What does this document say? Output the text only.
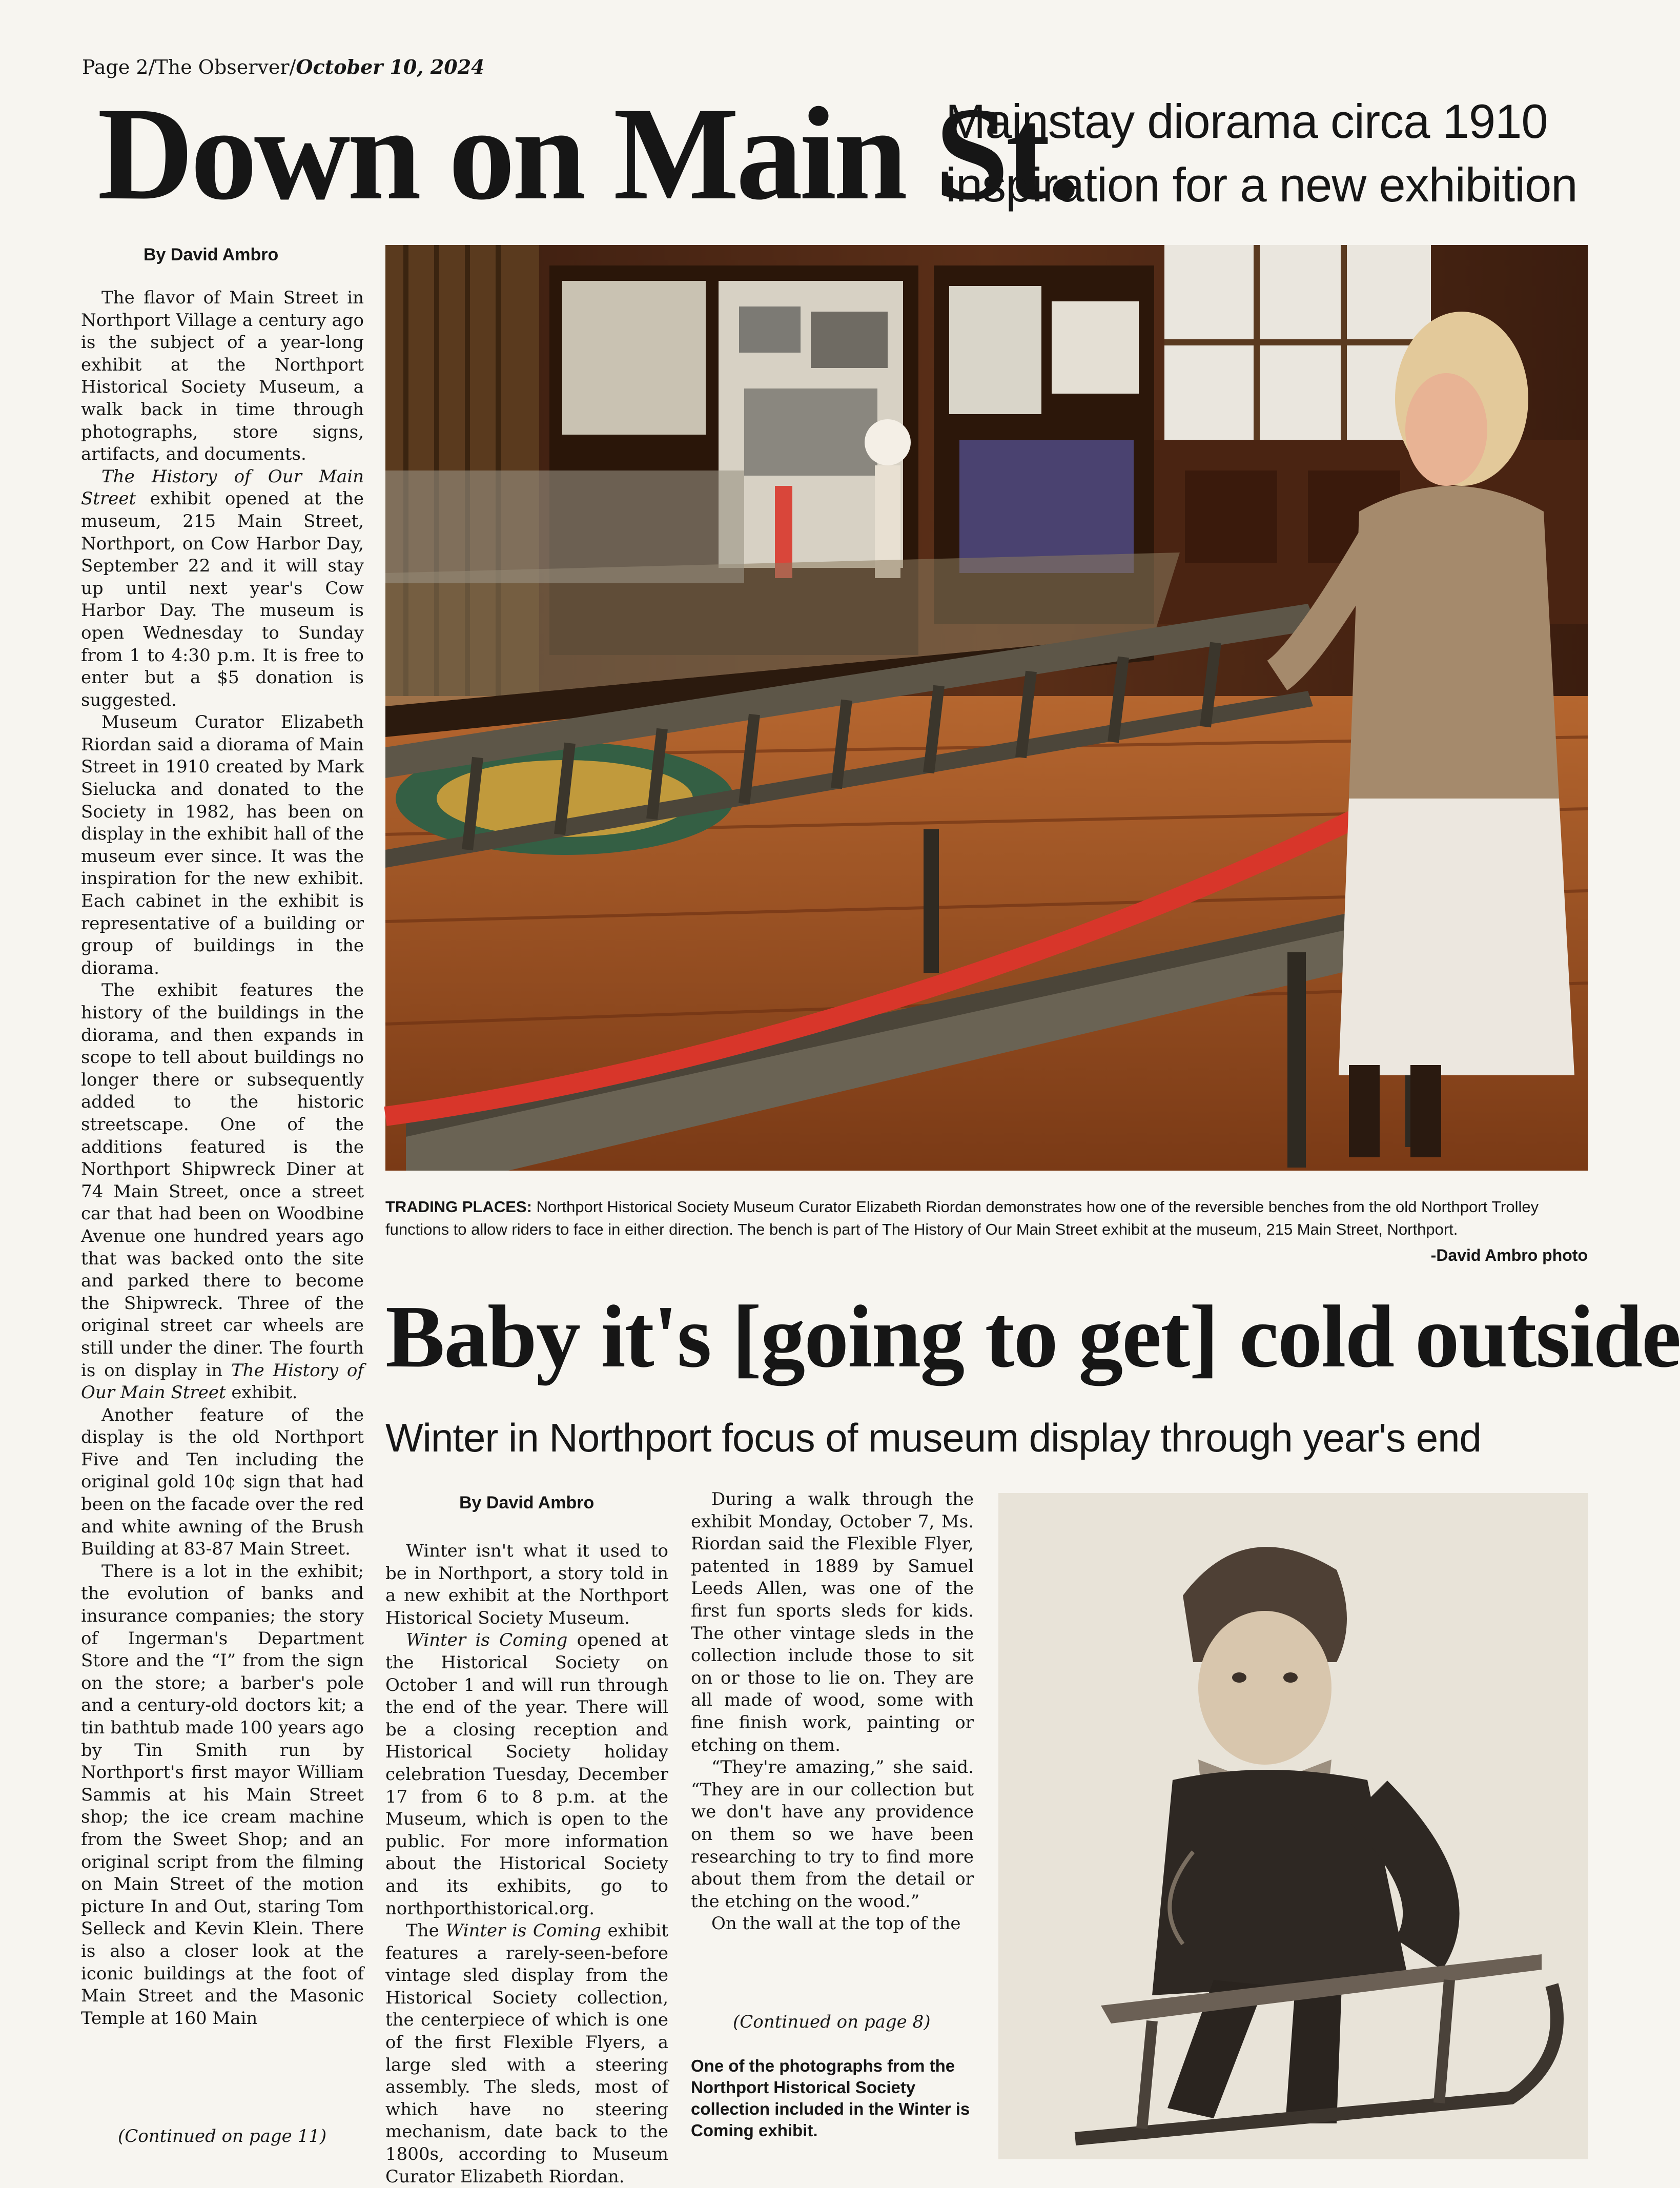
Page 2/The Observer/October 10, 2024
Down on Main St.
Mainstay diorama circa 1910
inspiration for a new exhibition
By David Ambro

The flavor of Main Street in Northport Village a century ago is the subject of a year-long exhibit at the Northport Historical Society Museum, a walk back in time through photographs, store signs, artifacts, and documents.

The History of Our Main Street exhibit opened at the museum, 215 Main Street, Northport, on Cow Harbor Day, September 22 and it will stay up until next year's Cow Harbor Day. The museum is open Wednesday to Sunday from 1 to 4:30 p.m. It is free to enter but a $5 donation is suggested.

Museum Curator Elizabeth Riordan said a diorama of Main Street in 1910 created by Mark Sielucka and donated to the Society in 1982, has been on display in the exhibit hall of the museum ever since. It was the inspiration for the new exhibit. Each cabinet in the exhibit is representative of a building or group of buildings in the diorama.

The exhibit features the history of the buildings in the diorama, and then expands in scope to tell about buildings no longer there or subsequently added to the historic streetscape. One of the additions featured is the Northport Shipwreck Diner at 74 Main Street, once a street car that had been on Woodbine Avenue one hundred years ago that was backed onto the site and parked there to become the Shipwreck. Three of the original street car wheels are still under the diner. The fourth is on display in The History of Our Main Street exhibit.

Another feature of the display is the old Northport Five and Ten including the original gold 10¢ sign that had been on the facade over the red and white awning of the Brush Building at 83-87 Main Street.

There is a lot in the exhibit; the evolution of banks and insurance companies; the story of Ingerman's Department Store and the “I” from the sign on the store; a barber's pole and a century-old doctors kit; a tin bathtub made 100 years ago by Tin Smith run by Northport's first mayor William Sammis at his Main Street shop; the ice cream machine from the Sweet Shop; and an original script from the filming on Main Street of the motion picture In and Out, staring Tom Selleck and Kevin Klein. There is also a closer look at the iconic buildings at the foot of Main Street and the Masonic Temple at 160 Main

(Continued on page 11)
TRADING PLACES: Northport Historical Society Museum Curator Elizabeth Riordan demonstrates how one of the reversible benches from the old Northport Trolley functions to allow riders to face in either direction. The bench is part of The History of Our Main Street exhibit at the museum, 215 Main Street, Northport.
-David Ambro photo
Baby it's [going to get] cold outside
Winter in Northport focus of museum display through year's end
By David Ambro

Winter isn't what it used to be in Northport, a story told in a new exhibit at the Northport Historical Society Museum.

Winter is Coming opened at the Historical Society on October 1 and will run through the end of the year. There will be a closing reception and Historical Society holiday celebration Tuesday, December 17 from 6 to 8 p.m. at the Museum, which is open to the public. For more information about the Historical Society and its exhibits, go to northporthistorical.org.

The Winter is Coming exhibit features a rarely-seen-before vintage sled display from the Historical Society collection, the centerpiece of which is one of the first Flexible Flyers, a large sled with a steering assembly. The sleds, most of which have no steering mechanism, date back to the 1800s, according to Museum Curator Elizabeth Riordan.

During a walk through the exhibit Monday, October 7, Ms. Riordan said the Flexible Flyer, patented in 1889 by Samuel Leeds Allen, was one of the first fun sports sleds for kids. The other vintage sleds in the collection include those to sit on or those to lie on. They are all made of wood, some with fine finish work, painting or etching on them.

“They're amazing,” she said. “They are in our collection but we don't have any providence on them so we have been researching to try to find more about them from the detail or the etching on the wood.”

On the wall at the top of the

(Continued on page 8)
One of the photographs from the Northport Historical Society collection included in the Winter is Coming exhibit.
